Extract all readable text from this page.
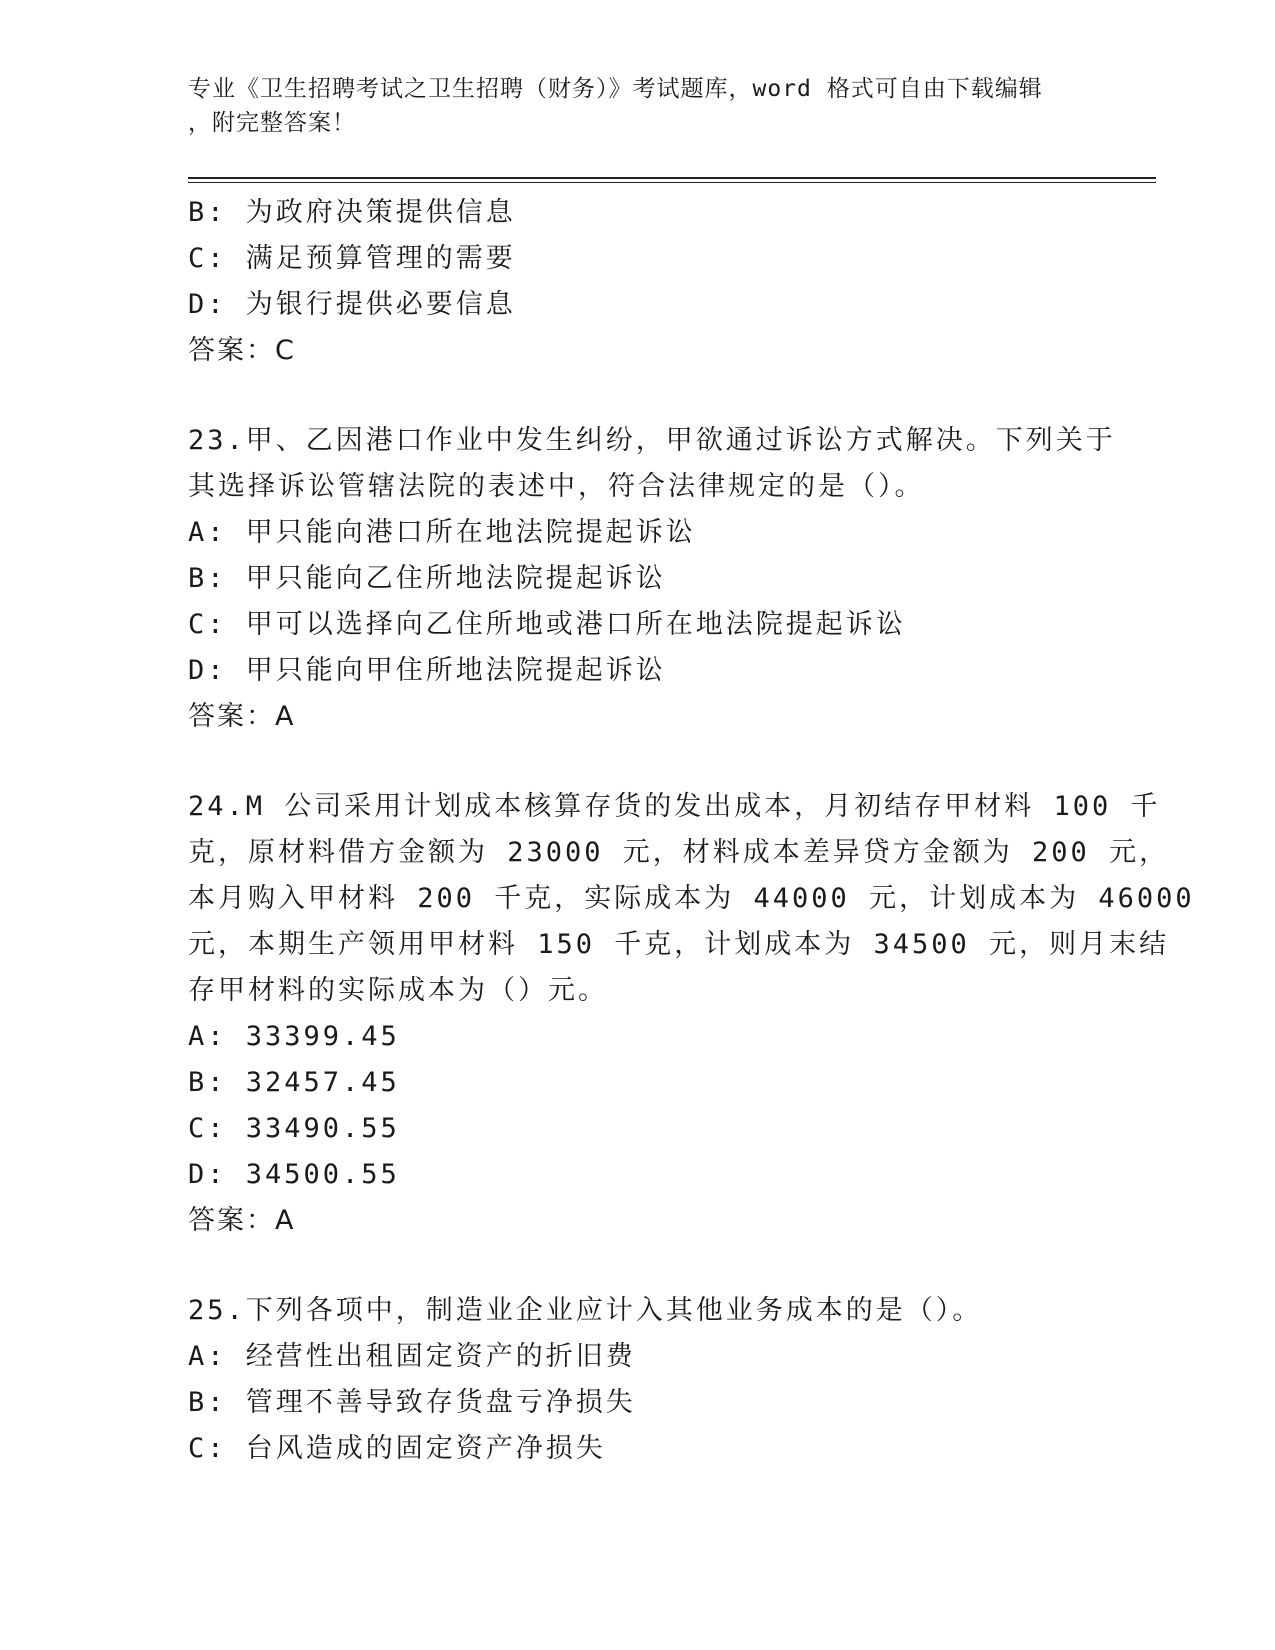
专业《卫生招聘考试之卫生招聘（财务）》考试题库，word 格式可自由下载编辑
，附完整答案！
B: 为政府决策提供信息
C: 满足预算管理的需要
D: 为银行提供必要信息
答案：C
23.甲、乙因港口作业中发生纠纷，甲欲通过诉讼方式解决。下列关于
其选择诉讼管辖法院的表述中，符合法律规定的是（）。
A: 甲只能向港口所在地法院提起诉讼
B: 甲只能向乙住所地法院提起诉讼
C: 甲可以选择向乙住所地或港口所在地法院提起诉讼
D: 甲只能向甲住所地法院提起诉讼
答案：A
24.M 公司采用计划成本核算存货的发出成本，月初结存甲材料 100 千
克，原材料借方金额为 23000 元，材料成本差异贷方金额为 200 元，
本月购入甲材料 200 千克，实际成本为 44000 元，计划成本为 46000
元，本期生产领用甲材料 150 千克，计划成本为 34500 元，则月末结
存甲材料的实际成本为（）元。
A: 33399.45
B: 32457.45
C: 33490.55
D: 34500.55
答案：A
25.下列各项中，制造业企业应计入其他业务成本的是（）。
A: 经营性出租固定资产的折旧费
B: 管理不善导致存货盘亏净损失
C: 台风造成的固定资产净损失
